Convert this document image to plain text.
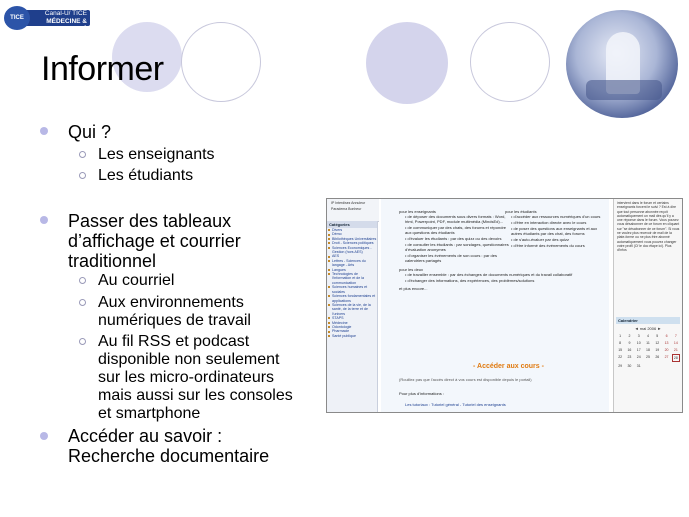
Canal-U/ TICE
MÉDECINE & SANTÉ
TICE
Informer
Qui ?
Les enseignants
Les étudiants
Passer des tableaux
d’affichage et courrier
traditionnel
Au courriel
Aux environnements
numériques de travail
Au fil RSS et podcast
disponible non seulement
sur les micro-ordinateurs
mais aussi sur les consoles
et smartphone
Accéder au savoir :
Recherche documentaire
IP Interdisez Annuleur
Paradema Bonheur
Catégories
Divers
Démo
Bibliothèques Universitaires
Droit - Sciences politiques
Sciences Economiques - Gestion (hors AES)
AES
Lettres - Sciences du langage - Arts
Langues
Technologies de l'information et de la communication
Sciences humaines et sociales
Sciences fondamentales et applications
Sciences de la vie, de la santé, de la terre et de l'univers
STAPS
Médecine
Odontologie
Pharmacie
Santé publique
pour les enseignants
• de déposer des documents sous divers formats : Word, html, Powerpoint, PDF, module multimédia (MindsEd)...
• de communiquer par des chats, des forums et répondre aux questions des étudiants
• d'évaluer les étudiants : par des quizz ou des devoirs
• de consulter les étudiants : par sondages, questionnaires d'évaluation anonymes
• d'organiser les événements de son cours : par des calendriers partagés
pour les deux
• de travailler ensemble : par des échanges de documents numériques et du travail collaboratif
• d'échanger des informations, des expériences, des problèmes/solutions
et plus encore...
pour les étudiants
• d'accéder aux ressources numériques d'un cours
• d'être en interaction directe avec le cours
• de poser des questions aux enseignants et aux autres étudiants par des chat, des forums
• de s'auto-évaluer par des quizz
• d'être informé des événements du cours
- Accéder aux cours -
(Rouillez pas que l'accès direct à vos cours est disponible depuis le portail)
Pour plus d'informations :
Les tutoriaux : Tutoriel général - Tutoriel des enseignants
intervient dans le forum et certains enseignants forcent le suivi ? Est à dire que tout personne abonnée reçoit automatiquement un mail dès qu'il y a une réponse dans le forum. Vous pouvez vous désabonner de ce forum en cliquant sur "se désabonner de ce forum". Si vous ne voulez plus recevoir de mail de la plate-forme ou ne plus être abonné automatiquement vous pouvez changer votre profil (Cf le doc étape ici). Plus d'infos
Calendrier
◄ mai 2006 ►
1	2	3	4	5	6	7
8	9	10	11	12	13	14
15	16	17	18	19	20	21
22	23	24	25	26	27	28
29	30	31
